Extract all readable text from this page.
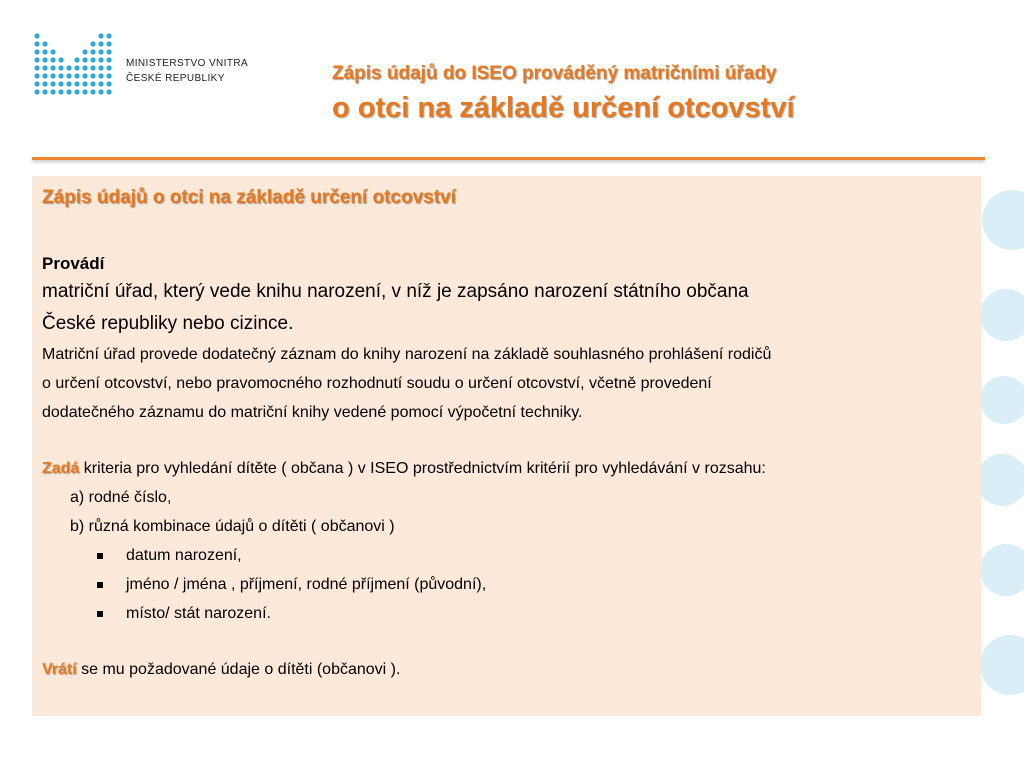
MINISTERSTVO VNITRA
ČESKÉ REPUBLIKY	Zápis údajů do ISEO prováděný matričními úřady
o otci na základě určení otcovství
Zápis údajů o otci na základě určení otcovství
Provádí
matriční úřad, který vede knihu narození, v níž je zapsáno narození státního občana
České republiky nebo cizince.
Matriční úřad provede dodatečný záznam do knihy narození na základě souhlasného prohlášení rodičů
o určení otcovství, nebo pravomocného rozhodnutí soudu o určení otcovství, včetně provedení
dodatečného záznamu do matriční knihy vedené pomocí výpočetní techniky.
Zadá kriteria pro vyhledání dítěte ( občana ) v ISEO prostřednictvím kritérií pro vyhledávání v rozsahu:
a) rodné číslo,
b) různá kombinace údajů o dítěti ( občanovi )
datum narození,
jméno / jména , příjmení, rodné příjmení (původní),
místo/ stát narození.
Vrátí se mu požadované údaje o dítěti (občanovi ).
